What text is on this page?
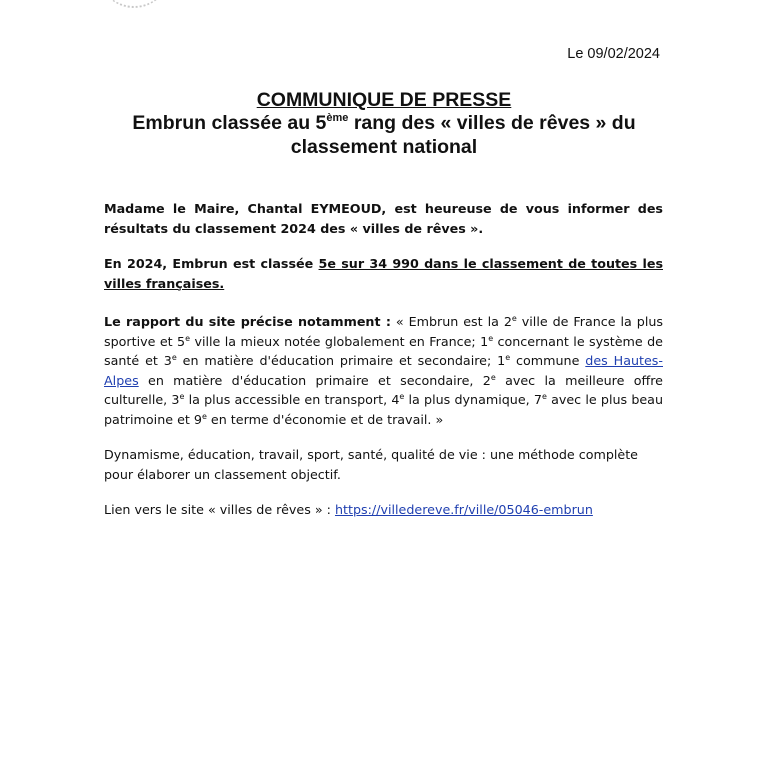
Le 09/02/2024
COMMUNIQUE DE PRESSE
Embrun classée au 5ème rang des « villes de rêves » du classement national
Madame le Maire, Chantal EYMEOUD, est heureuse de vous informer des résultats du classement 2024 des « villes de rêves ».
En 2024, Embrun est classée 5e sur 34 990 dans le classement de toutes les villes françaises.
Le rapport du site précise notamment : « Embrun est la 2e ville de France la plus sportive et 5e ville la mieux notée globalement en France; 1e concernant le système de santé et 3e en matière d'éducation primaire et secondaire; 1e commune des Hautes-Alpes en matière d'éducation primaire et secondaire, 2e avec la meilleure offre culturelle, 3e la plus accessible en transport, 4e la plus dynamique, 7e avec le plus beau patrimoine et 9e en terme d'économie et de travail. »
Dynamisme, éducation, travail, sport, santé, qualité de vie : une méthode complète pour élaborer un classement objectif.
Lien vers le site « villes de rêves » : https://villedereve.fr/ville/05046-embrun
